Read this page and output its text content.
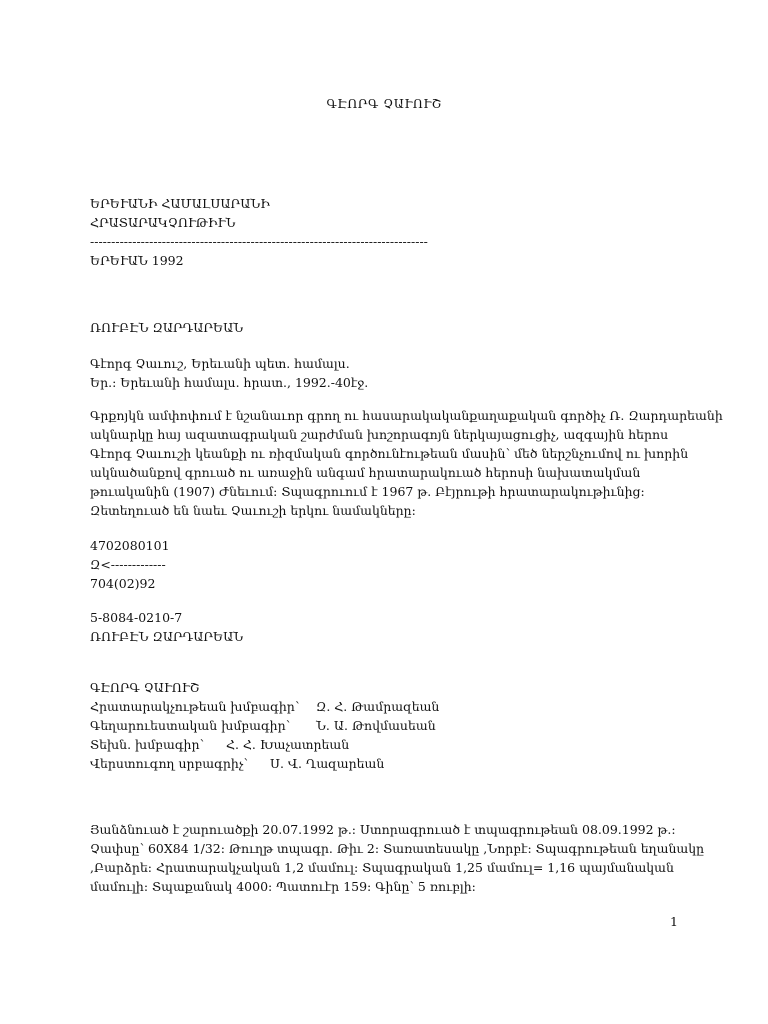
ԳԷՈՐԳ ՉԱՒՈՒՇ
ԵՐԵՒԱՆԻ ՀԱՄԱԼՍԱՐԱՆԻ
ՀՐԱՏԱՐԱԿՉՈՒԹԻՒՆ
--------------------------------------------------------------------------------
ԵՐԵՒԱՆ 1992
ՌՈՒԲԷՆ ԶԱՐԴԱՐԵԱՆ
Գէորգ Չաւուշ, Երեւանի պետ. համալս.
Եր.: Երեւանի համալս. հրատ., 1992.-40էջ.
Գրքոյկն ամփոփում է նշանաւոր գրող ու հասարակականքաղաքական գործիչ Ռ. Զարդարեանի
ակնարկը հայ ազատագրական շարժման խոշորագոյն ներկայացուցիչ, ազգային հերոս
Գէորգ Չաւուշի կեանքի ու ռիզմական գործունէութեան մասին՝ մեծ ներշնչումով ու խորին
ակնածանքով գրուած ու առաջին անգամ հրատարակուած հերոսի նախատակման
թուականին (1907) Ժնեւում: Տպագրուում է 1967 թ. Բէյրութի հրատարակութիւնից:
Զետեղուած են նաեւ Չաւուշի երկու նամակները:
4702080101
Զ<-------------
704(02)92
5-8084-0210-7
ՌՈՒԲԷՆ ԶԱՐԴԱՐԵԱՆ
ԳԷՈՐԳ ՉԱՒՈՒՇ
Հրատարակչութեան խմբագիր՝	Զ. Հ. Թամրազեան
Գեղարուեստական խմբագիր՝	Ն. Ա. Թովմասեան
Տեխն. խմբագիր՝	Հ. Հ. Խաչատրեան
Վերստուգող սրբագրիչ՝	Ս. Վ. Ղազարեան
Յանձնուած է շարուածքի 20.07.1992 թ.: Ստորագրուած է տպագրութեան 08.09.1992 թ.:
Չափսը՝ 60X84 1/32: Թուղթ տպագր. Թիւ 2: Տառատեսակը ,Նորբէ: Տպագրութեան եղանակը
,Բարձրե: Հրատարակչական 1,2 մամուլ: Տպագրական 1,25 մամուլ= 1,16 պայմանական
մամուլի: Տպաքանակ 4000: Պատուէր 159: Գինը՝ 5 ռուբլի:
1
